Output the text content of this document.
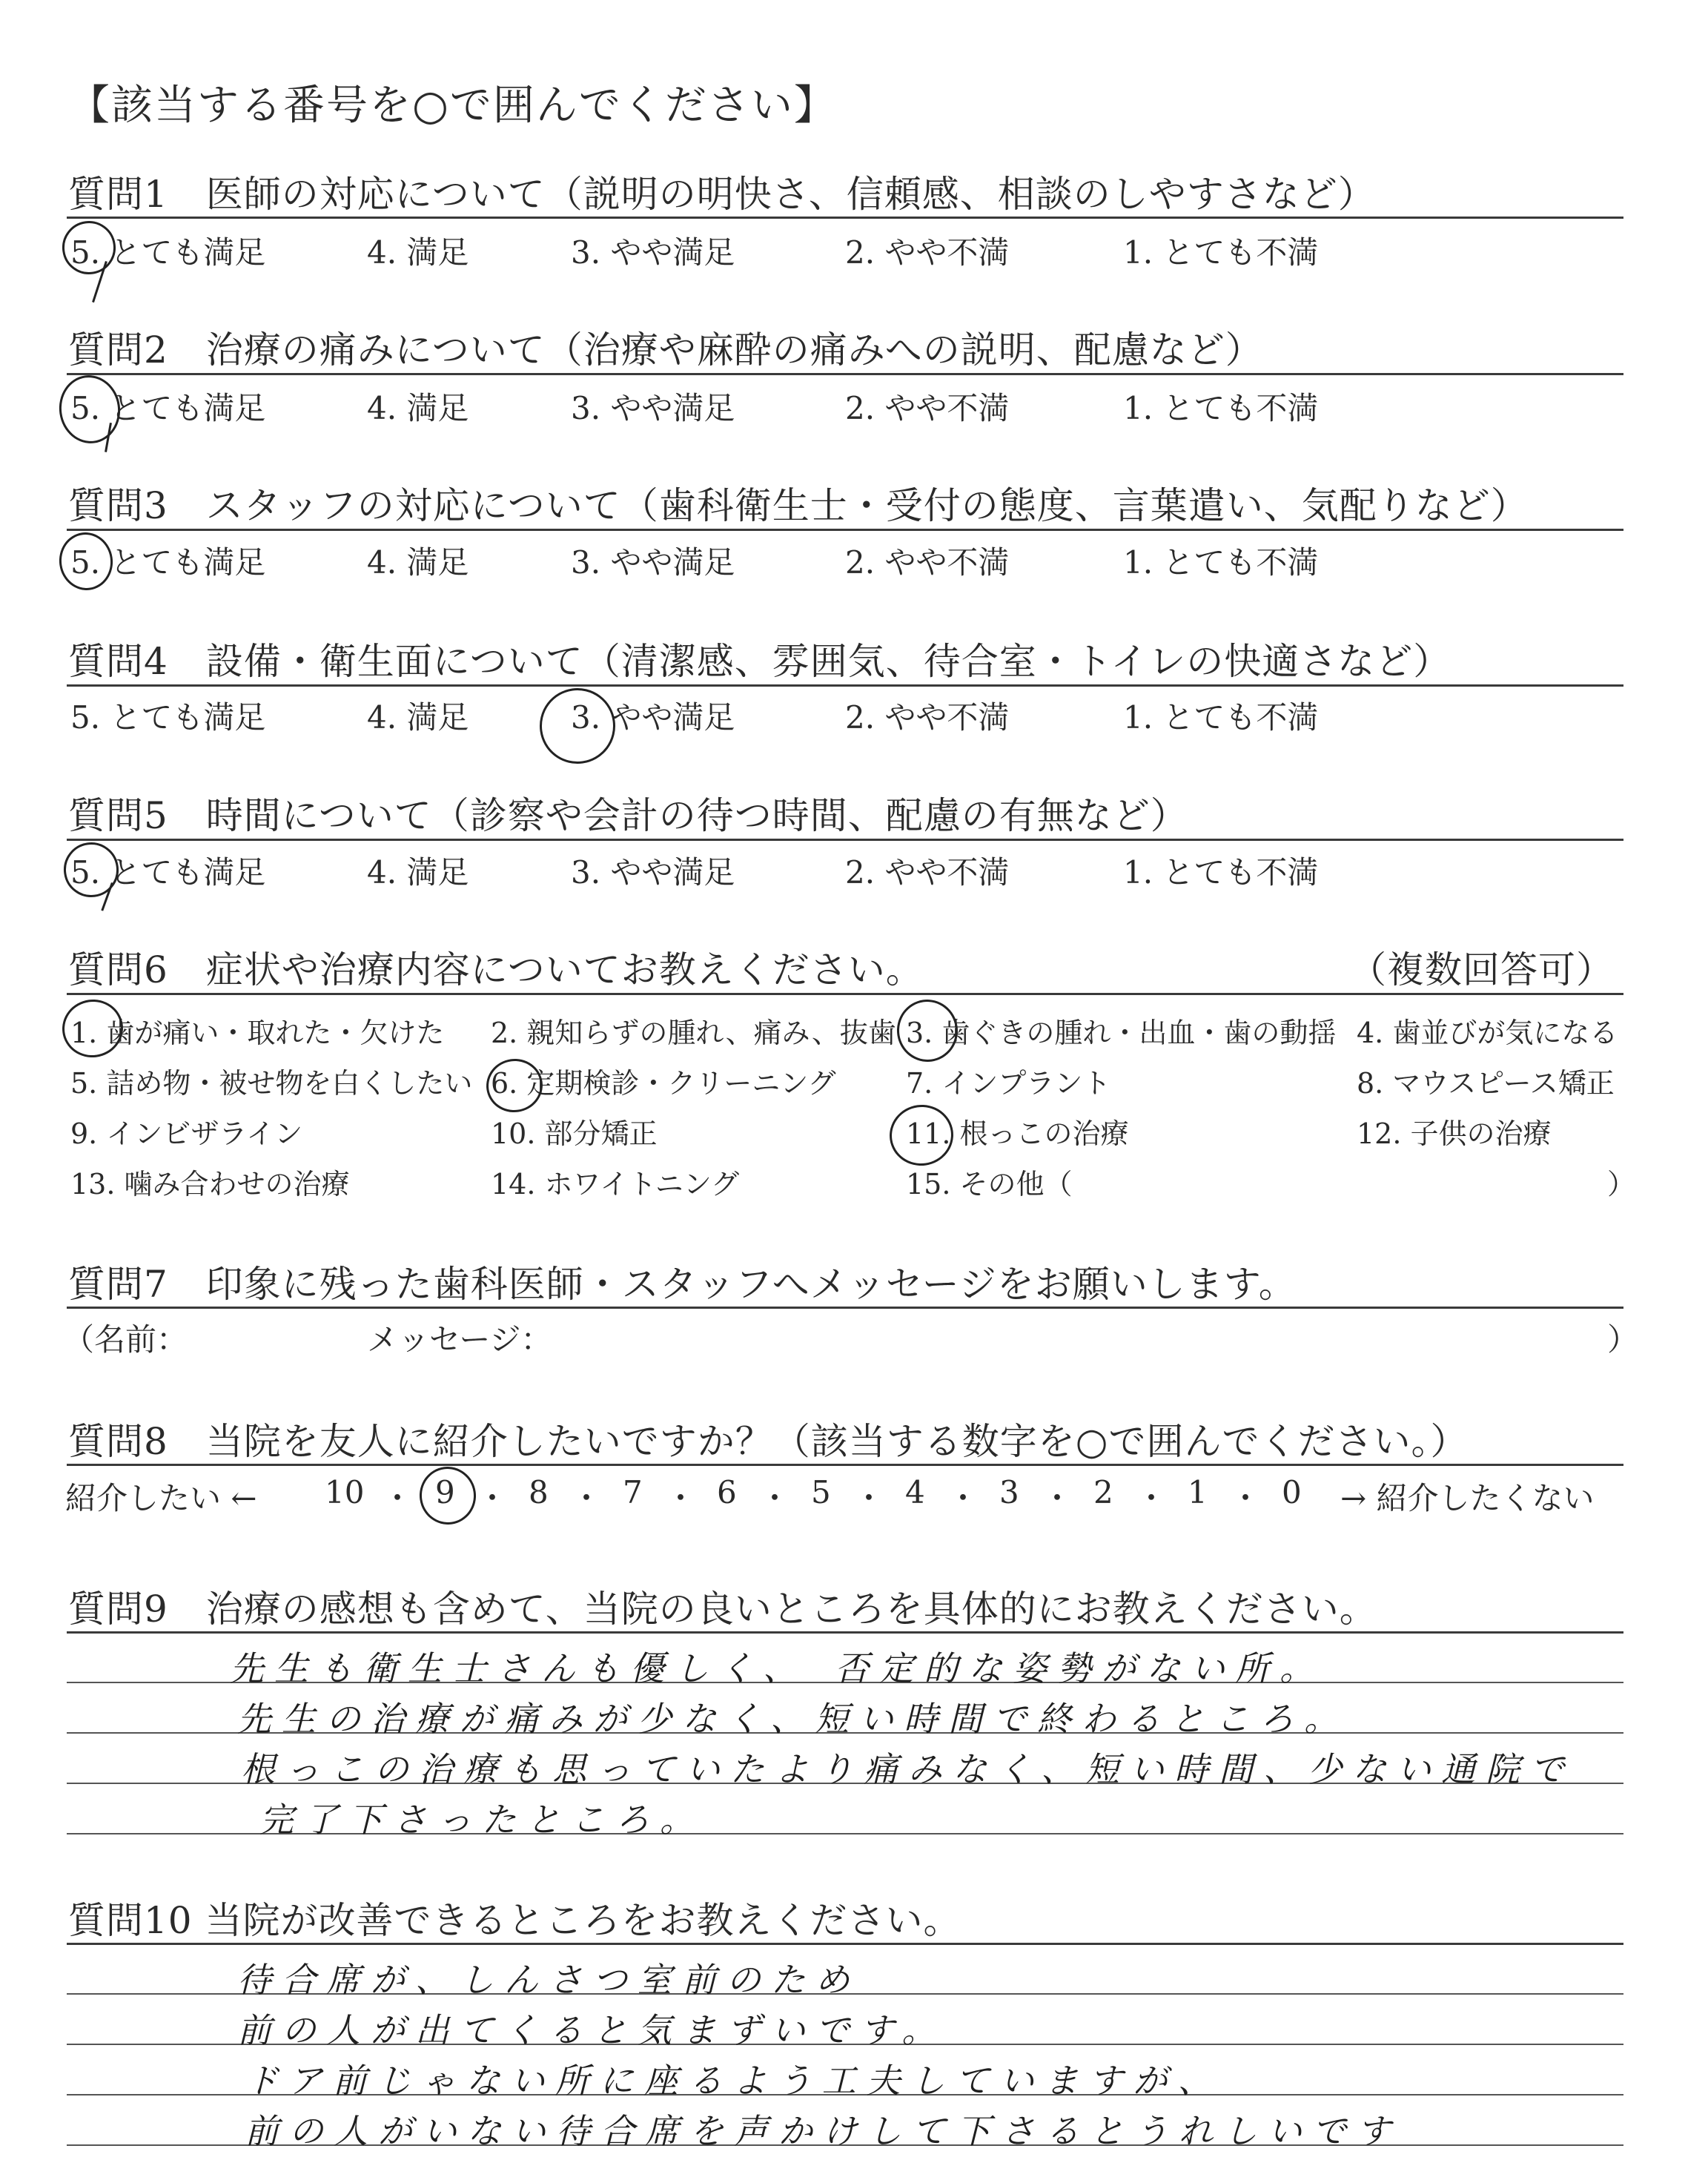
【該当する番号を○で囲んでください】
質問1　医師の対応について（説明の明快さ、信頼感、相談のしやすさなど）
5. とても満足	4. 満足	3. やや満足	2. やや不満	1. とても不満
質問2　治療の痛みについて（治療や麻酔の痛みへの説明、配慮など）
5. とても満足	4. 満足	3. やや満足	2. やや不満	1. とても不満
質問3　スタッフの対応について（歯科衛生士・受付の態度、言葉遣い、気配りなど）
5. とても満足	4. 満足	3. やや満足	2. やや不満	1. とても不満
質問4　設備・衛生面について（清潔感、雰囲気、待合室・トイレの快適さなど）
5. とても満足	4. 満足	3. やや満足	2. やや不満	1. とても不満
質問5　時間について（診察や会計の待つ時間、配慮の有無など）
5. とても満足	4. 満足	3. やや満足	2. やや不満	1. とても不満
質問6　症状や治療内容についてお教えください。	（複数回答可）
1. 歯が痛い・取れた・欠けた 2. 親知らずの腫れ、痛み、抜歯 3. 歯ぐきの腫れ・出血・歯の動揺 4. 歯並びが気になる
5. 詰め物・被せ物を白くしたい 6. 定期検診・クリーニング 7. インプラント	8. マウスピース矯正
9. インビザライン	10. 部分矯正	11. 根っこの治療	12. 子供の治療
13. 噛み合わせの治療	14. ホワイトニング	15. その他（	）
質問7　印象に残った歯科医師・スタッフへメッセージをお願いします。
（名前：	メッセージ：	）
質問8　当院を友人に紹介したいですか？（該当する数字を○で囲んでください。）
紹介したい ← 10 ・ 9 ・ 8 ・ 7 ・ 6 ・ 5 ・ 4 ・ 3 ・ 2 ・ 1 ・ 0 → 紹介したくない
質問9　治療の感想も含めて、当院の良いところを具体的にお教えください。
先生も衛生士さんも優しく、　否定的な姿勢がない所。
先生の治療が痛みが少なく、短い時間で終わるところ。
根っこの治療も思っていたより痛みなく、短い時間、少ない通院で
完了下さったところ。
質問10 当院が改善できるところをお教えください。
待合席が、しんさつ室前のため
前の人が出てくると気まずいです。
ドア前じゃない所に座るよう工夫していますが、
前の人がいない待合席を声かけして下さるとうれしいです
